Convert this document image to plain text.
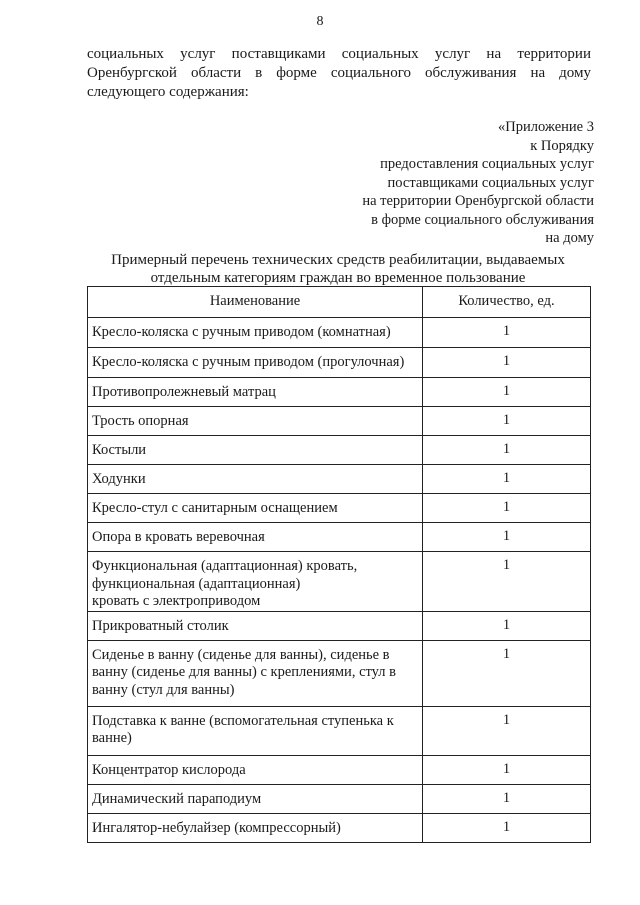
8
социальных услуг поставщиками социальных услуг на территории
Оренбургской области в форме социального обслуживания на дому
следующего содержания:
«Приложение 3
к Порядку
предоставления социальных услуг
поставщиками социальных услуг
на территории Оренбургской области
в форме социального обслуживания
на дому
Примерный перечень технических средств реабилитации, выдаваемых
отдельным категориям граждан во временное пользование
Наименование	Количество, ед.
Кресло-коляска с ручным приводом (комнатная)	1
Кресло-коляска с ручным приводом (прогулочная)	1
Противопролежневый матрац	1
Трость опорная	1
Костыли	1
Ходунки	1
Кресло-стул с санитарным оснащением	1
Опора в кровать веревочная	1
Функциональная (адаптационная) кровать,
функциональная (адаптационная)
кровать с электроприводом	1
Прикроватный столик	1
Сиденье в ванну (сиденье для ванны), сиденье в ванну (сиденье для ванны) с креплениями, стул в ванну (стул для ванны)	1
Подставка к ванне (вспомогательная ступенька к ванне)	1
Концентратор кислорода	1
Динамический параподиум	1
Ингалятор-небулайзер (компрессорный)	1
